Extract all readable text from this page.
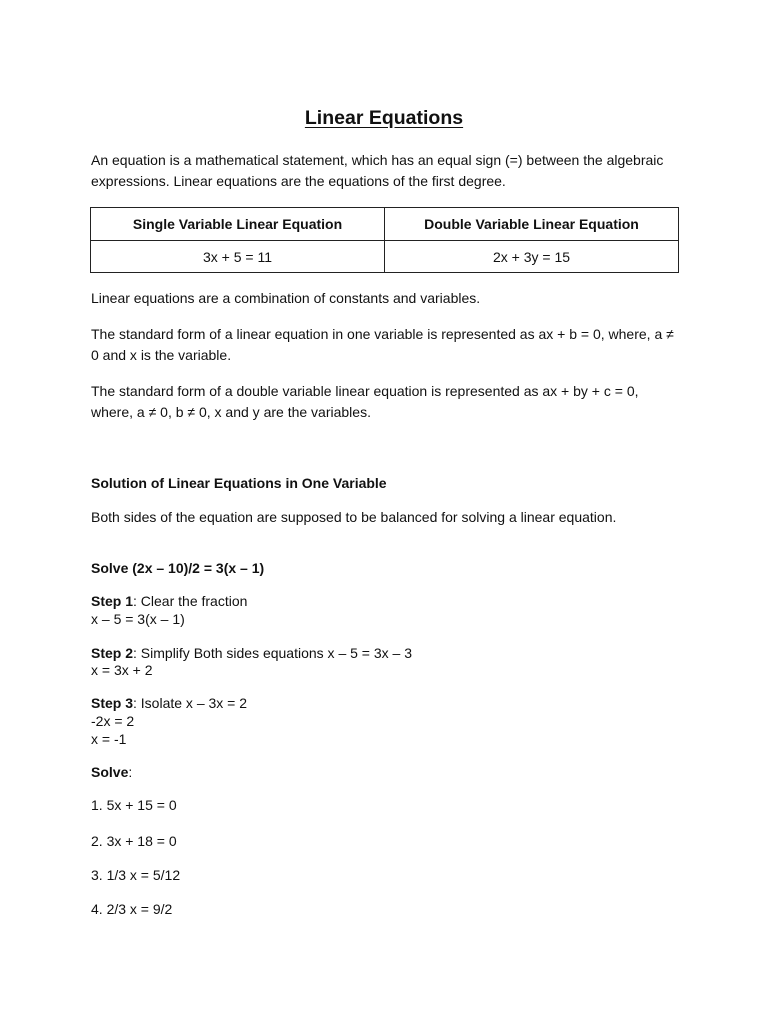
Linear Equations

An equation is a mathematical statement, which has an equal sign (=) between the algebraic expressions. Linear equations are the equations of the first degree.

Single Variable Linear Equation	Double Variable Linear Equation
3x + 5 = 11	2x + 3y = 15

Linear equations are a combination of constants and variables.

The standard form of a linear equation in one variable is represented as ax + b = 0, where, a ≠ 0 and x is the variable.

The standard form of a double variable linear equation is represented as ax + by + c = 0, where, a ≠ 0, b ≠ 0, x and y are the variables.

Solution of Linear Equations in One Variable

Both sides of the equation are supposed to be balanced for solving a linear equation.

Solve (2x – 10)/2 = 3(x – 1)

Step 1: Clear the fraction

x – 5 = 3(x – 1)

Step 2: Simplify Both sides equations x – 5 = 3x – 3

x = 3x + 2

Step 3: Isolate x – 3x = 2

-2x = 2

x = -1

Solve:

1. 5x + 15 = 0

2. 3x + 18 = 0

3. 1/3 x = 5/12

4. 2/3 x = 9/2
